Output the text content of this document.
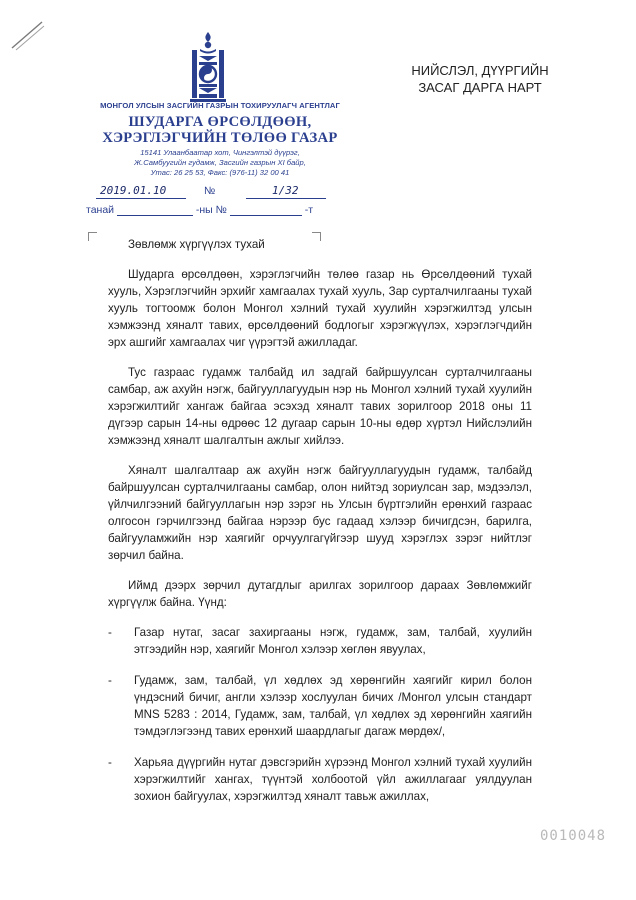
МОНГОЛ УЛСЫН ЗАСГИЙН ГАЗРЫН ТОХИРУУЛАГЧ АГЕНТЛАГ
ШУДАРГА ӨРСӨЛДӨӨН,
ХЭРЭГЛЭГЧИЙН ТӨЛӨӨ ГАЗАР
15141 Улаанбаатар хот, Чингэлтэй дүүрэг,
Ж.Самбуугийн гудамж, Засгийн газрын XI байр,
Утас: 26 25 53, Факс: (976-11) 32 00 41
НИЙСЛЭЛ, ДҮҮРГИЙН
ЗАСАГ ДАРГА НАРТ
2019.01.10	№	1/32
танай	-ны №	-т
Зөвлөмж хүргүүлэх тухай

Шударга өрсөлдөөн, хэрэглэгчийн төлөө газар нь Өрсөлдөөний тухай хууль, Хэрэглэгчийн эрхийг хамгаалах тухай хууль, Зар сурталчилгааны тухай хууль тогтоомж болон Монгол хэлний тухай хуулийн хэрэгжилтэд улсын хэмжээнд хяналт тавих, өрсөлдөөний бодлогыг хэрэгжүүлэх, хэрэглэгчдийн эрх ашгийг хамгаалах чиг үүрэгтэй ажилладаг.

Тус газраас гудамж талбайд ил задгай байршуулсан сурталчилгааны самбар, аж ахуйн нэгж, байгууллагуудын нэр нь Монгол хэлний тухай хуулийн хэрэгжилтийг хангаж байгаа эсэхэд хяналт тавих зорилгоор 2018 оны 11 дүгээр сарын 14-ны өдрөөс 12 дугаар сарын 10-ны өдөр хүртэл Нийслэлийн хэмжээнд хяналт шалгалтын ажлыг хийлээ.

Хяналт шалгалтаар аж ахуйн нэгж байгууллагуудын гудамж, талбайд байршуулсан сурталчилгааны самбар, олон нийтэд зориулсан зар, мэдээлэл, үйлчилгээний байгууллагын нэр зэрэг нь Улсын бүртгэлийн ерөнхий газраас олгосон гэрчилгээнд байгаа нэрээр бус гадаад хэлээр бичигдсэн, барилга, байгууламжийн нэр хаягийг орчуулгагүйгээр шууд хэрэглэх зэрэг нийтлэг зөрчил байна.

Иймд дээрх зөрчил дутагдлыг арилгах зорилгоор дараах Зөвлөмжийг хүргүүлж байна. Үүнд:

- Газар нутаг, засаг захиргааны нэгж, гудамж, зам, талбай, хуулийн этгээдийн нэр, хаягийг Монгол хэлээр хөглөн явуулах,
- Гудамж, зам, талбай, үл хөдлөх эд хөрөнгийн хаягийг кирил болон үндэсний бичиг, англи хэлээр хослуулан бичих /Монгол улсын стандарт MNS 5283 : 2014, Гудамж, зам, талбай, үл хөдлөх эд хөрөнгийн хаягийн тэмдэглэгээнд тавих ерөнхий шаардлагыг дагаж мөрдөх/,
- Харьяа дүүргийн нутаг дэвсгэрийн хүрээнд Монгол хэлний тухай хуулийн хэрэгжилтийг хангах, түүнтэй холбоотой үйл ажиллагааг уялдуулан зохион байгуулах, хэрэгжилтэд хяналт тавьж ажиллах,
0010048
